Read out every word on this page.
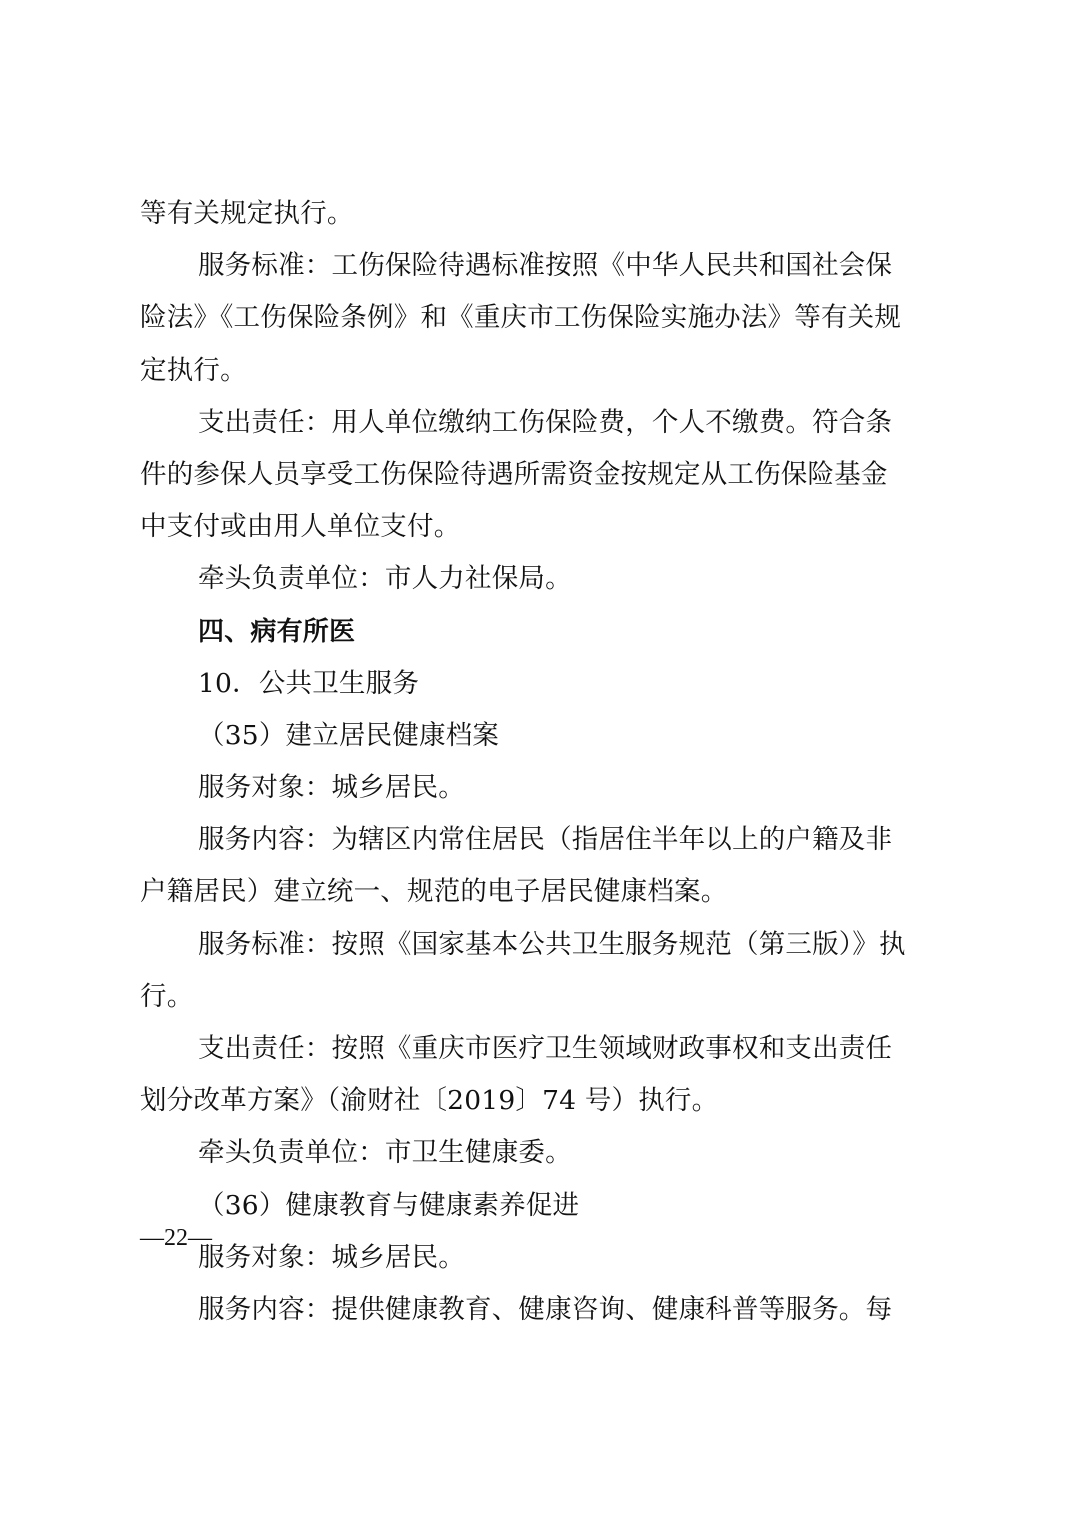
等有关规定执行。
服务标准：工伤保险待遇标准按照《中华人民共和国社会保
险法》《工伤保险条例》和《重庆市工伤保险实施办法》等有关规
定执行。
支出责任：用人单位缴纳工伤保险费，个人不缴费。符合条
件的参保人员享受工伤保险待遇所需资金按规定从工伤保险基金
中支付或由用人单位支付。
牵头负责单位：市人力社保局。
四、病有所医
10．公共卫生服务
（35）建立居民健康档案
服务对象：城乡居民。
服务内容：为辖区内常住居民（指居住半年以上的户籍及非
户籍居民）建立统一、规范的电子居民健康档案。
服务标准：按照《国家基本公共卫生服务规范（第三版）》执
行。
支出责任：按照《重庆市医疗卫生领域财政事权和支出责任
划分改革方案》（渝财社〔2019〕74 号）执行。
牵头负责单位：市卫生健康委。
（36）健康教育与健康素养促进
服务对象：城乡居民。
服务内容：提供健康教育、健康咨询、健康科普等服务。每
—22—
